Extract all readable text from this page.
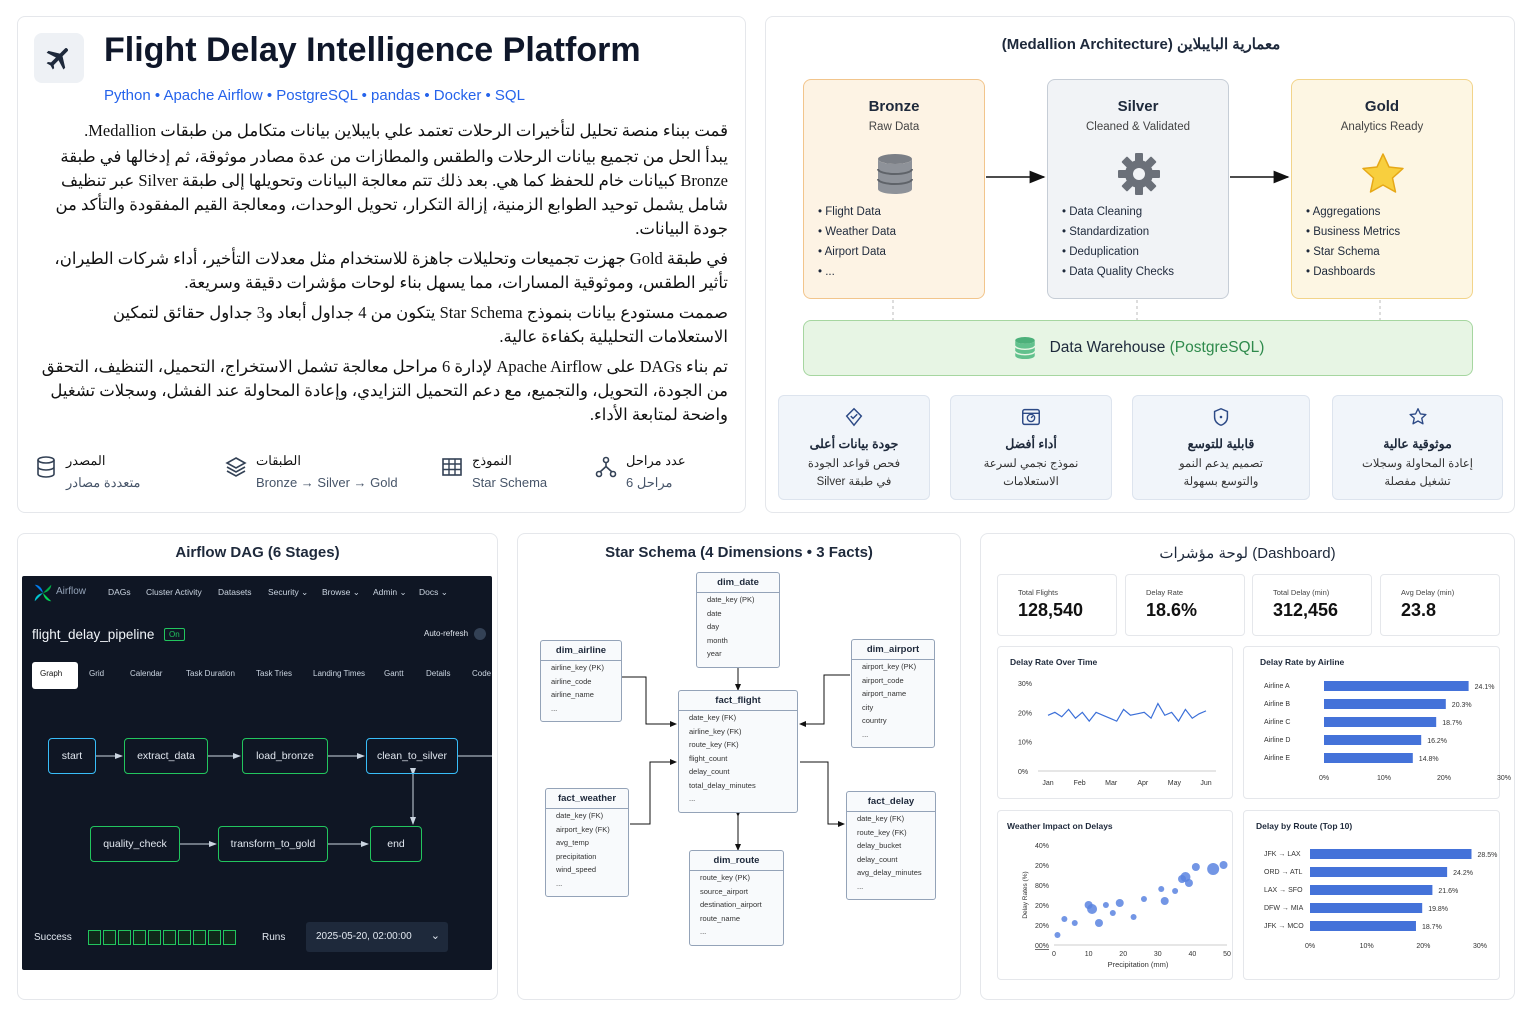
Flight Delay Intelligence Platform
Python • Apache Airflow • PostgreSQL • pandas • Docker • SQL

قمت ببناء منصة تحليل لتأخيرات الرحلات تعتمد علي بايبلاين بيانات متكامل من طبقات Medallion.

يبدأ الحل من تجميع بيانات الرحلات والطقس والمطازات من عدة مصادر موثوقة، ثم إدخالها في طبقة Bronze كبيانات خام للحفظ كما هي. بعد ذلك تتم معالجة البيانات وتحويلها إلى طبقة Silver عبر تنظيف شامل يشمل توحيد الطوابع الزمنية، إزالة التكرار، تحويل الوحدات، ومعالجة القيم المفقودة والتأكد من جودة البيانات.

في طبقة Gold جهزت تجميعات وتحليلات جاهزة للاستخدام مثل معدلات التأخير، أداء شركات الطيران، تأثير الطقس، وموثوقية المسارات، مما يسهل بناء لوحات مؤشرات دقيقة وسريعة.

صممت مستودع بيانات بنموذج Star Schema يتكون من 4 جداول أبعاد و3 جداول حقائق لتمكين الاستعلامات التحليلية بكفاءة عالية.

تم بناء DAGs على Apache Airflow لإدارة 6 مراحل معالجة تشمل الاستخراج، التحميل، التنظيف، التحقق من الجودة، التحويل، والتجميع، مع دعم التحميل التزايدي، وإعادة المحاولة عند الفشل، وسجلات تشغيل واضحة لمتابعة الأداء.

المصدر
متعددة مصادر
الطبقات
Bronze → Silver → Gold
النموذج
Star Schema
عدد مراحل
6 مراحل
(Medallion Architecture) معمارية البايبلاين
Bronze
Raw Data
• Flight Data
• Weather Data
• Airport Data
• ...
Silver
Cleaned & Validated
• Data Cleaning
• Standardization
• Deduplication
• Data Quality Checks
Gold
Analytics Ready
• Aggregations
• Business Metrics
• Star Schema
• Dashboards
Data Warehouse (PostgreSQL)
جودة بيانات أعلى
فحص قواعد الجودة
في طبقة Silver
أداء أفضل
نموذج نجمي لسرعة
الاستعلامات
قابلية للتوسع
تصميم يدعم النمو
والتوسع بسهولة
موثوقية عالية
إعادة المحاولة وسجلات
تشغيل مفصلة
Airflow DAG (6 Stages)
Airflow	DAGs Cluster Activity Datasets Security ⌄ Browse ⌄ Admin ⌄ Docs ⌄
flight_delay_pipeline	On	Auto-refresh
Graph	Grid	Calendar	Task Duration	Task Tries	Landing Times Gantt	Details	Code
start	extract_data	load_bronze	clean_to_silver
quality_check	transform_to_gold	end
Success	Runs	2025-05-20, 02:00:00 ⌄
Star Schema (4 Dimensions • 3 Facts)
dim_date
date_key (PK)
date
day
month
year
dim_airline
airline_key (PK)
airline_code
airline_name
...
dim_airport
airport_key (PK)
airport_code
airport_name
city
country
...
fact_flight
date_key (FK)
airline_key (FK)
route_key (FK)
flight_count
delay_count
total_delay_minutes
...
fact_weather
date_key (FK)
airport_key (FK)
avg_temp
precipitation
wind_speed
...
fact_delay
date_key (FK)
route_key (FK)
delay_bucket
delay_count
avg_delay_minutes
...
dim_route
route_key (PK)
source_airport
destination_airport
route_name
...
لوحة مؤشرات (Dashboard)
Total Flights
128,540
Delay Rate
18.6%
Total Delay (min)
312,456
Avg Delay (min)
23.8
0%
10%
20%
30%
Jan	Feb	Mar	Apr	May	Jun
Delay Rate Over Time
Airline A	24.1%
Airline B	20.3%
Airline C	18.7%
Airline D	16.2%
Airline E	14.8%
0%	10%	20%	30%
Delay Rate by Airline
00%
20%
20%
80%
20%
40%
0	10	20	30	40	50
Precipitation (mm)
Delay Rates (%)
Weather Impact on Delays
JFK → LAX	28.5%
ORD → ATL	24.2%
LAX → SFO	21.6%
DFW → MIA	19.8%
JFK → MCO	18.7%
0%	10%	20%	30%
Delay by Route (Top 10)
